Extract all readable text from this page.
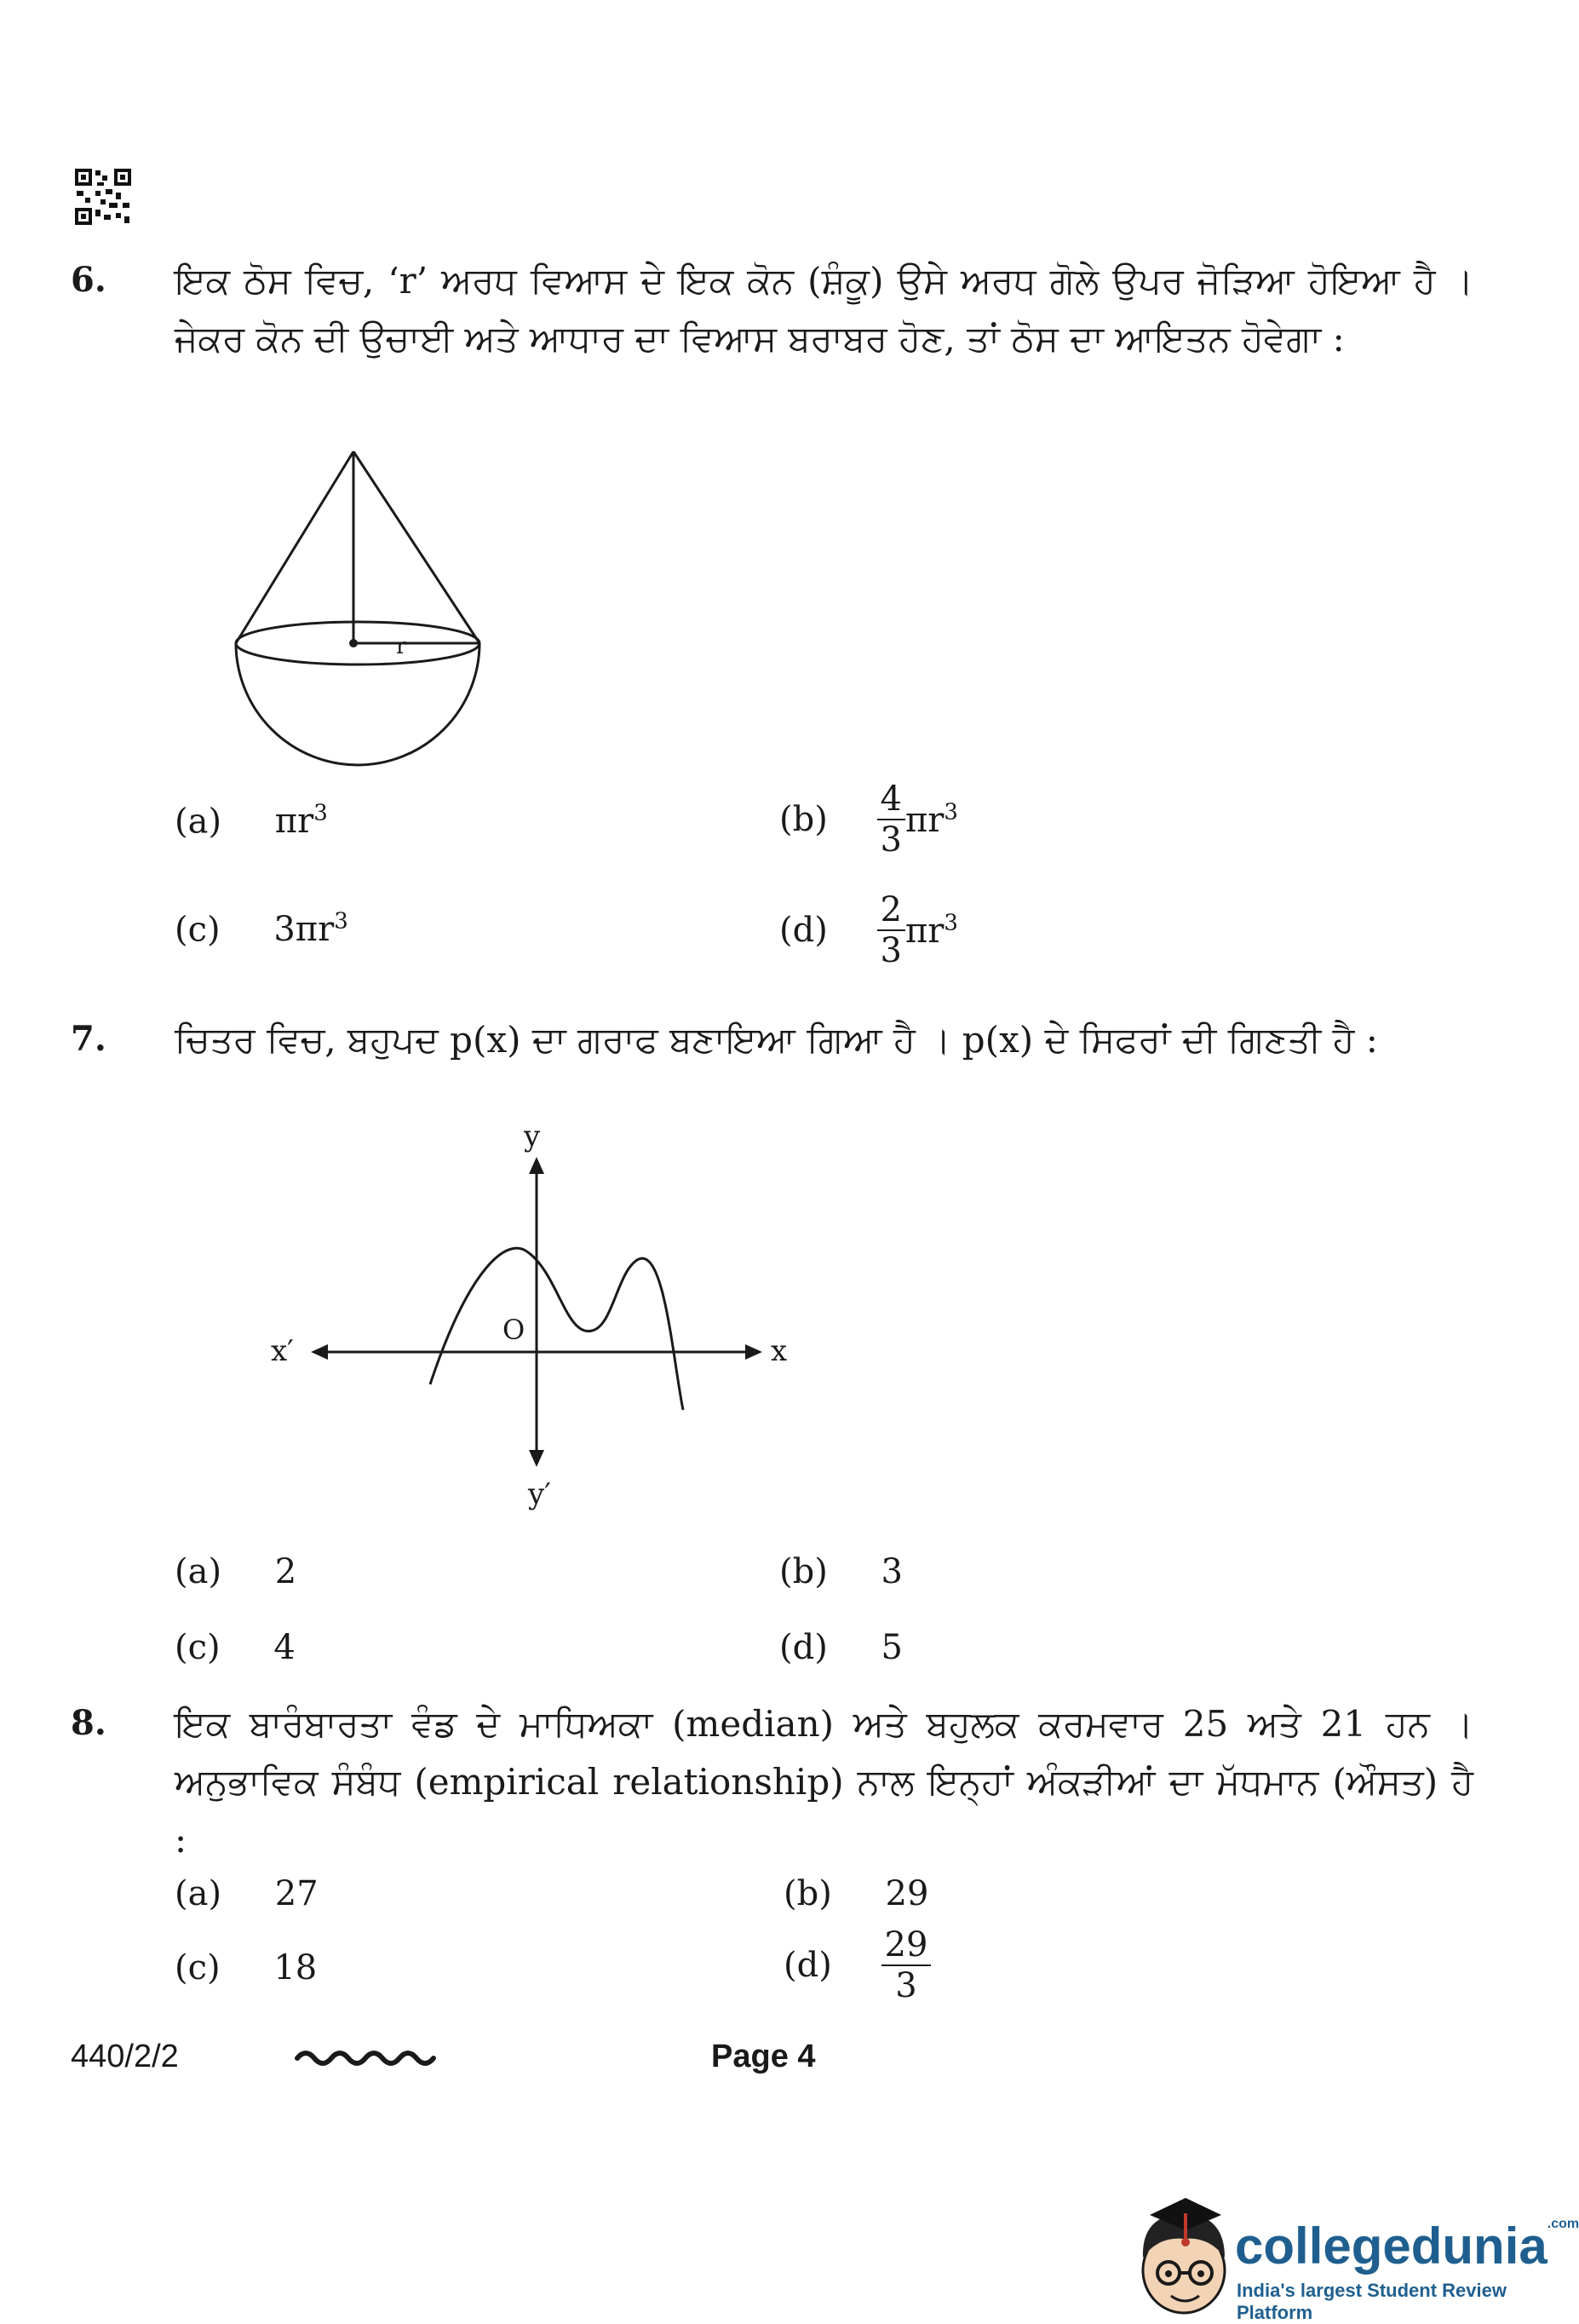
6. ਇਕ ਠੋਸ ਵਿਚ, ‘r’ ਅਰਧ ਵਿਆਸ ਦੇ ਇਕ ਕੋਨ (ਸ਼ੰਕੂ) ਉਸੇ ਅਰਧ ਗੋਲੇ ਉਪਰ ਜੋੜਿਆ ਹੋਇਆ ਹੈ । ਜੇਕਰ ਕੋਨ ਦੀ ਉਚਾਈ ਅਤੇ ਆਧਾਰ ਦਾ ਵਿਆਸ ਬਰਾਬਰ ਹੋਣ, ਤਾਂ ਠੋਸ ਦਾ ਆਇਤਨ ਹੋਵੇਗਾ :
r
(a) $\pi r^3$	$(b) \frac{4}{3} \pi r^3$
(c) $3\pi r^3$	$(d) \frac{2}{3} \pi r^3$
7. ਚਿਤਰ ਵਿਚ, ਬਹੁਪਦ p(x) ਦਾ ਗਰਾਫ ਬਣਾਇਆ ਗਿਆ ਹੈ । p(x) ਦੇ ਸਿਫਰਾਂ ਦੀ ਗਿਣਤੀ ਹੈ :
y
y′
x
x′
O
(a) 2	(b) 3
(c) 4	(d) 5
8. ਇਕ ਬਾਰੰਬਾਰਤਾ ਵੰਡ ਦੇ ਮਾਧਿਅਕਾ (median) ਅਤੇ ਬਹੁਲਕ ਕਰਮਵਾਰ 25 ਅਤੇ 21 ਹਨ । ਅਨੁਭਾਵਿਕ ਸੰਬੰਧ (empirical relationship) ਨਾਲ ਇਨ੍ਹਾਂ ਅੰਕੜੀਆਂ ਦਾ ਮੱਧਮਾਨ (ਔਸਤ) ਹੈ :
(a) 27	(b) 29
(c) 18	$(d) \frac{29}{3}$
440/2/2	Page 4
collegedunia$^{.com}$
India's largest Student Review Platform
